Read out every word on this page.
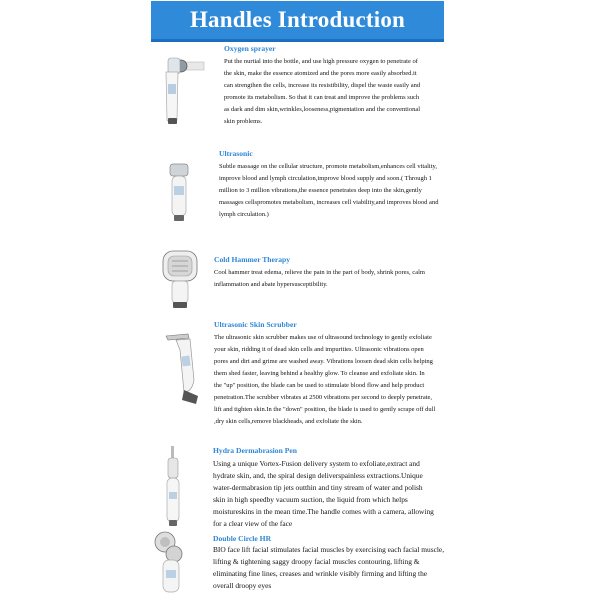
Handles Introduction
Oxygen sprayer
Put the nurtial into the bottle, and use high pressure oxygen to penetrate of
the skin, make the essence atomized and the pores more easily absorbed.it
can strengthen the cells, increase its resistibility, dispel the waste easily and
promote its metabolism. So that it can treat and improve the problems such
as dark and dim skin,wrinkles,looseness,pigmentation and the conventional
skin problems.
Ultrasonic
Subtle massage on the cellular structure, promote metabolism,enhances cell vitality,
improve blood and lymph circulation,improve blood supply and soon.( Through 1
million to 3 million vibrations,the essence penetrates deep into the skin,gently
massages cellspromotes metabolism, increases cell viability,and improves blood and
lymph circulation.)
Cold Hammer Therapy
Cool hammer treat edema, relieve the pain in the part of body, shrink pores, calm
inflammation and abate hypersusceptibility.
Ultrasonic Skin Scrubber
The ultrasonic skin scrubber makes use of ultrasound technology to gently exfoliate
your skin, ridding it of dead skin cells and impurities. Ultrasonic vibrations open
pores and dirt and grime are washed away. Vibrations loosen dead skin cells helping
them shed faster, leaving behind a healthy glow. To cleanse and exfoliate skin. In
the "up" position, the blade can be used to stimulate blood flow and help product
penetration.The scrubber vibrates at 2500 vibrations per second to deeply penetrate,
lift and tighten skin.In the "down" position, the blade is used to gently scrape off dull
,dry skin cells,remove blackheads, and exfoliate the skin.
Hydra Dermabrasion Pen
Using a unique Vortex-Fusion delivery system to exfoliate,extract and
hydrate skin, and, the spiral design deliverspainless extractions.Unique
water-dermabrasion tip jets outthin and tiny stream of water and polish
skin in high speedby vacuum suction, the liquid from which helps
moistureskins in the mean time.The handle comes with a camera, allowing
for a clear view of the face
Double Circle HR
BIO face lift facial stimulates facial muscles by exercising each facial muscle,
lifting & tightening saggy droopy facial muscles contouring, lifting &
eliminating fine lines, creases and wrinkle visibly firming and lifting the
overall droopy eyes
